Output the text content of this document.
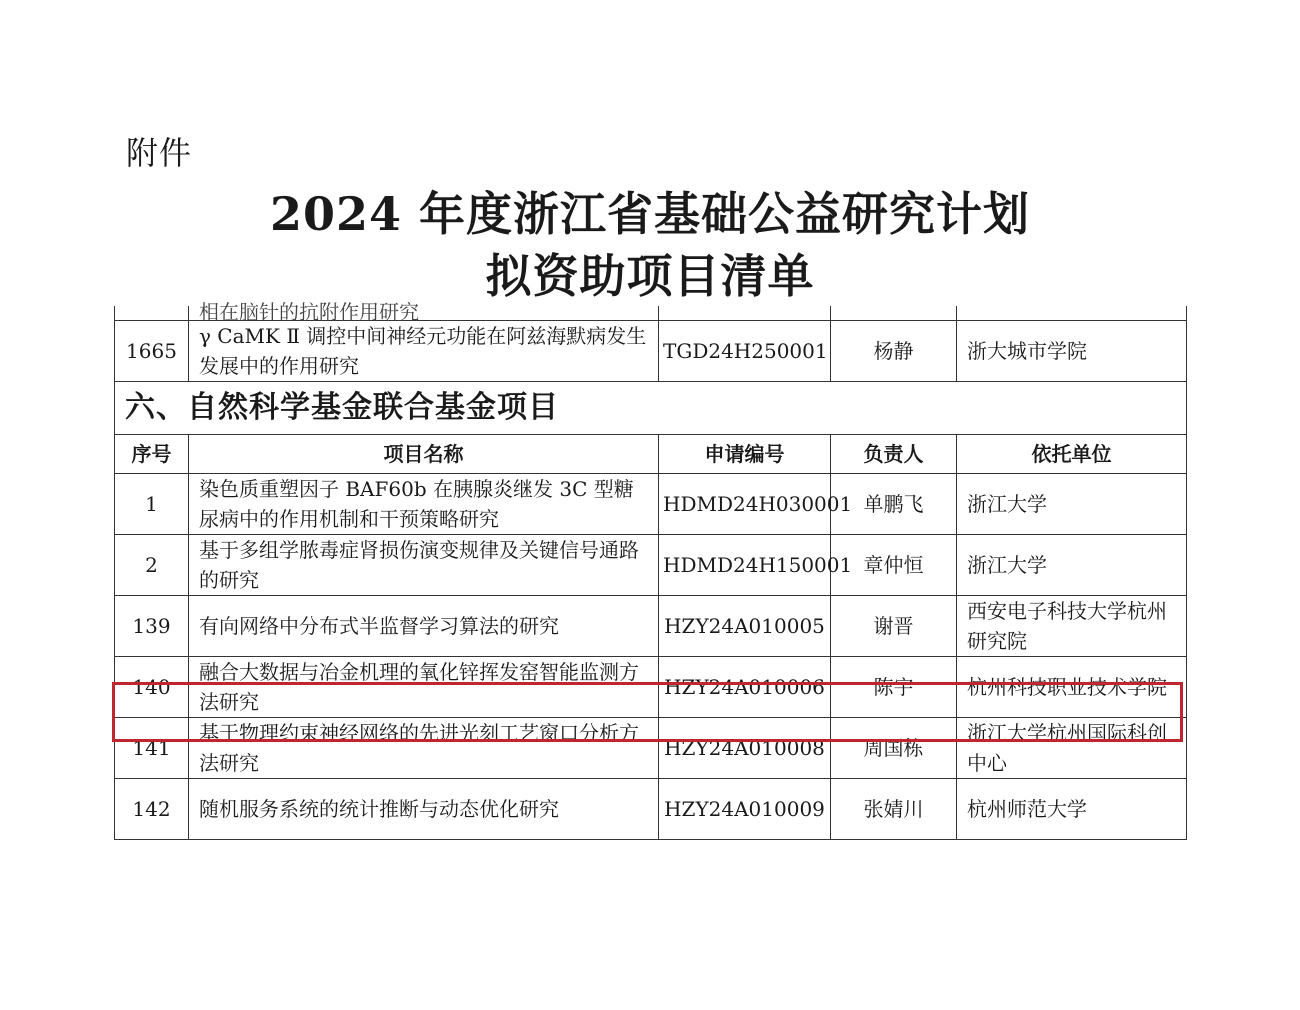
附件
2024 年度浙江省基础公益研究计划
拟资助项目清单

	相在脑针的抗附作用研究			

1665	γ CaMK Ⅱ 调控中间神经元功能在阿兹海默病发生发展中的作用研究	TGD24H250001	杨静	浙大城市学院
六、自然科学基金联合基金项目				
序号	项目名称	申请编号	负责人	依托单位
1	染色质重塑因子 BAF60b 在胰腺炎继发 3C 型糖尿病中的作用机制和干预策略研究	HDMD24H030001	单鹏飞	浙江大学
2	基于多组学脓毒症肾损伤演变规律及关键信号通路的研究	HDMD24H150001	章仲恒	浙江大学
139	有向网络中分布式半监督学习算法的研究	HZY24A010005	谢晋	西安电子科技大学杭州研究院
140	融合大数据与冶金机理的氧化锌挥发窑智能监测方法研究	HZY24A010006	陈宇	杭州科技职业技术学院
141	基于物理约束神经网络的先进光刻工艺窗口分析方法研究	HZY24A010008	周国栋	浙江大学杭州国际科创中心
142	随机服务系统的统计推断与动态优化研究	HZY24A010009	张婧川	杭州师范大学
